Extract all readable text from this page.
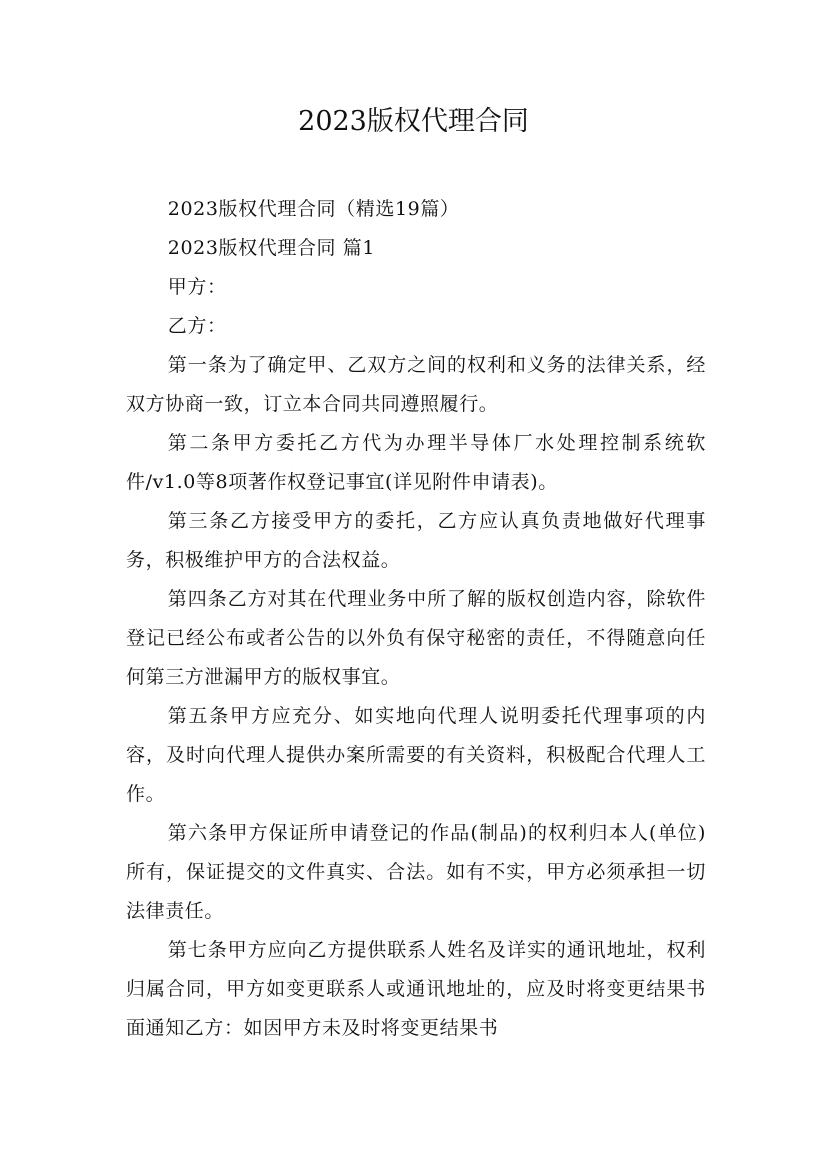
2023版权代理合同

2023版权代理合同（精选19篇）

2023版权代理合同 篇1

甲方：

乙方：

第一条为了确定甲、乙双方之间的权利和义务的法律关系，经双方协商一致，订立本合同共同遵照履行。

第二条甲方委托乙方代为办理半导体厂水处理控制系统软件/v1.0等8项著作权登记事宜(详见附件申请表)。

第三条乙方接受甲方的委托，乙方应认真负责地做好代理事务，积极维护甲方的合法权益。

第四条乙方对其在代理业务中所了解的版权创造内容，除软件登记已经公布或者公告的以外负有保守秘密的责任，不得随意向任何第三方泄漏甲方的版权事宜。

第五条甲方应充分、如实地向代理人说明委托代理事项的内容，及时向代理人提供办案所需要的有关资料，积极配合代理人工作。

第六条甲方保证所申请登记的作品(制品)的权利归本人(单位)所有，保证提交的文件真实、合法。如有不实，甲方必须承担一切法律责任。

第七条甲方应向乙方提供联系人姓名及详实的通讯地址，权利归属合同，甲方如变更联系人或通讯地址的，应及时将变更结果书面通知乙方：如因甲方未及时将变更结果书
